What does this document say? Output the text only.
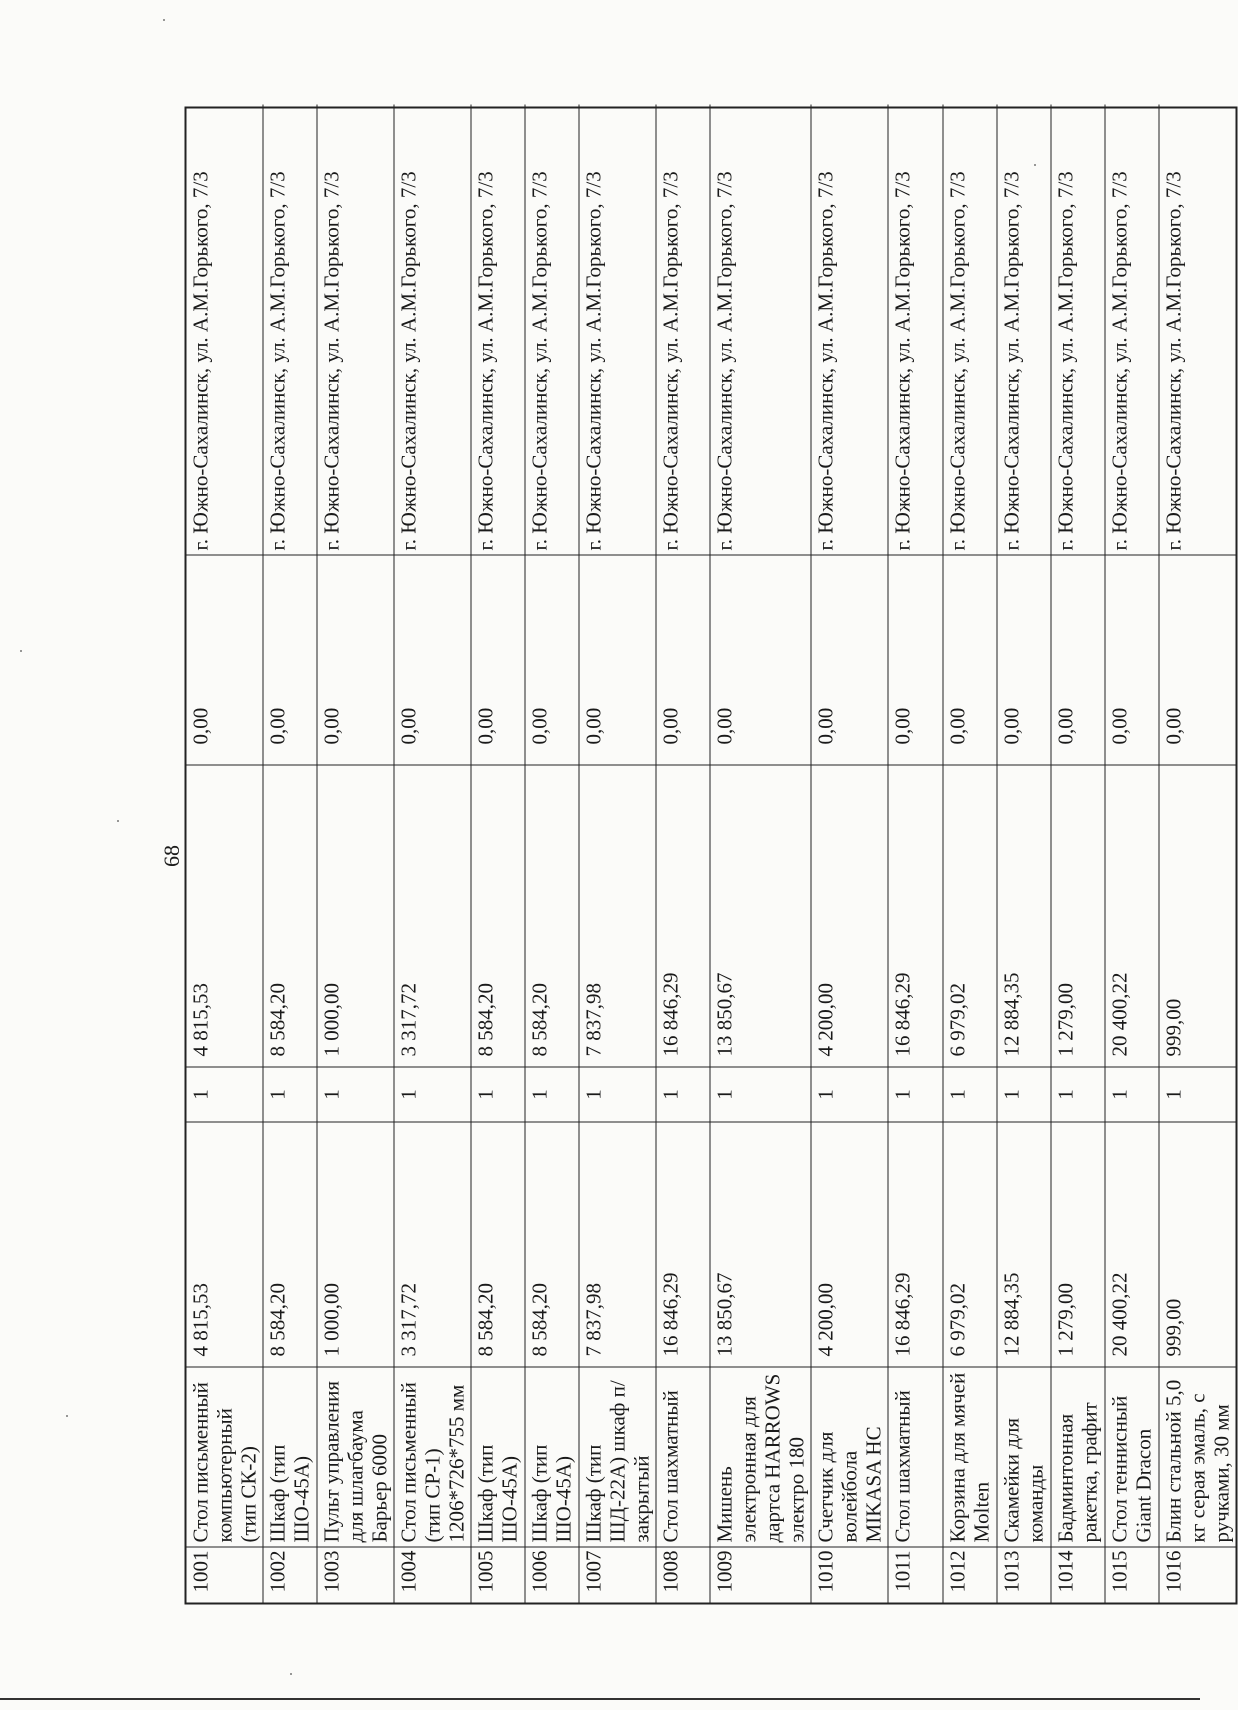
68
1001
Стол письменный компьютерный (тип СК-2)
4 815,53
1
4 815,53
0,00
г. Южно-Сахалинск, ул. А.М.Горького, 7/3
1002
Шкаф (тип ШО-45А)
8 584,20
1
8 584,20
0,00
г. Южно-Сахалинск, ул. А.М.Горького, 7/3
1003
Пульт управления для шлагбаума Барьер 6000
1 000,00
1
1 000,00
0,00
г. Южно-Сахалинск, ул. А.М.Горького, 7/3
1004
Стол письменный (тип СР-1) 1206*726*755 мм
3 317,72
1
3 317,72
0,00
г. Южно-Сахалинск, ул. А.М.Горького, 7/3
1005
Шкаф (тип ШО-45А)
8 584,20
1
8 584,20
0,00
г. Южно-Сахалинск, ул. А.М.Горького, 7/3
1006
Шкаф (тип ШО-45А)
8 584,20
1
8 584,20
0,00
г. Южно-Сахалинск, ул. А.М.Горького, 7/3
1007
Шкаф (тип ШД-22А) шкаф п/закрытый
7 837,98
1
7 837,98
0,00
г. Южно-Сахалинск, ул. А.М.Горького, 7/3
1008
Стол шахматный
16 846,29
1
16 846,29
0,00
г. Южно-Сахалинск, ул. А.М.Горького, 7/3
1009
Мишень электронная для дартса HARROWS электро 180
13 850,67
1
13 850,67
0,00
г. Южно-Сахалинск, ул. А.М.Горького, 7/3
1010
Счетчик для волейбола MIKASA HC
4 200,00
1
4 200,00
0,00
г. Южно-Сахалинск, ул. А.М.Горького, 7/3
1011
Стол шахматный
16 846,29
1
16 846,29
0,00
г. Южно-Сахалинск, ул. А.М.Горького, 7/3
1012
Корзина для мячей Molten
6 979,02
1
6 979,02
0,00
г. Южно-Сахалинск, ул. А.М.Горького, 7/3
1013
Скамейки для команды
12 884,35
1
12 884,35
0,00
г. Южно-Сахалинск, ул. А.М.Горького, 7/3
1014
Бадминтонная ракетка, графит
1 279,00
1
1 279,00
0,00
г. Южно-Сахалинск, ул. А.М.Горького, 7/3
1015
Стол теннисный Giant Dracon
20 400,22
1
20 400,22
0,00
г. Южно-Сахалинск, ул. А.М.Горького, 7/3
1016
Блин стальной 5,0 кг серая эмаль, с ручками, 30 мм
999,00
1
999,00
0,00
г. Южно-Сахалинск, ул. А.М.Горького, 7/3
